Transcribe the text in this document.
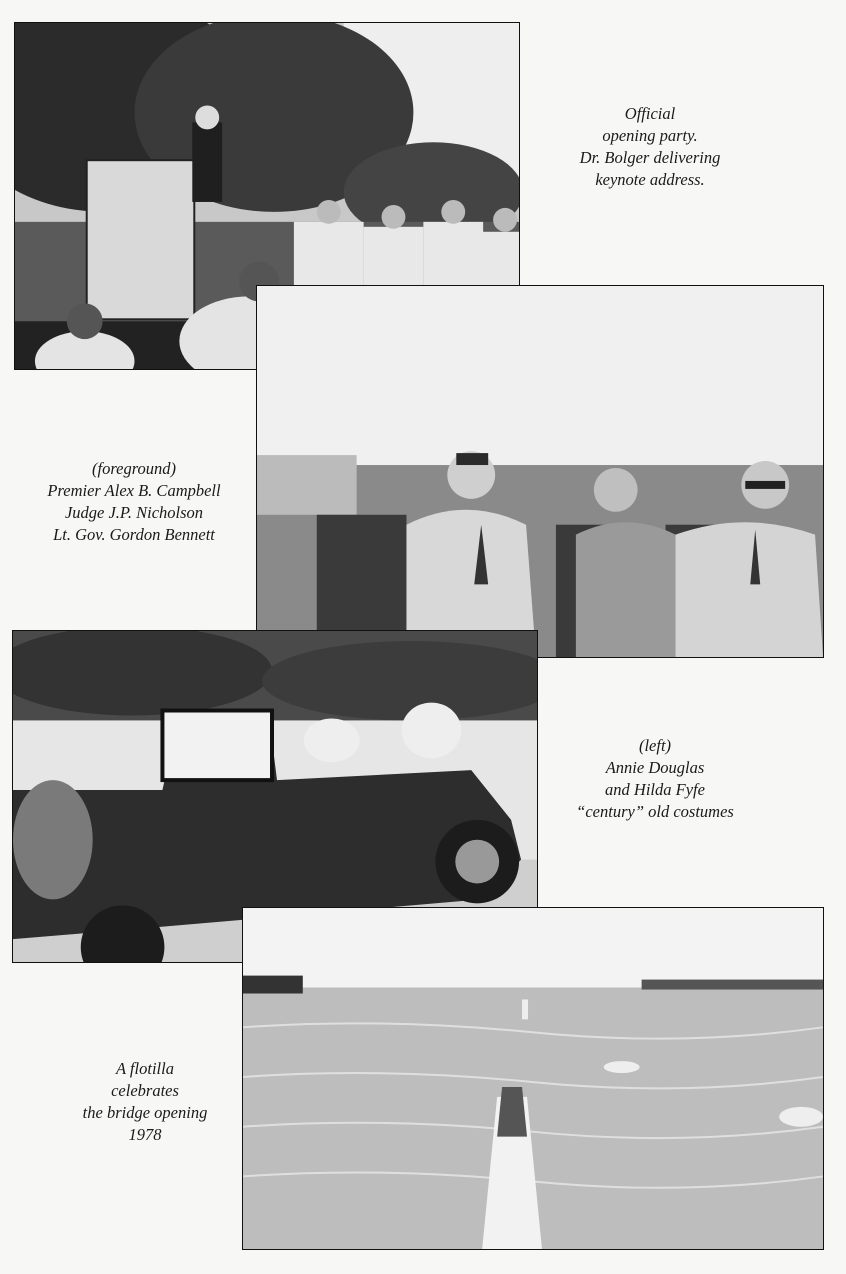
Official
opening party.
Dr. Bolger delivering
keynote address.
(foreground)
Premier Alex B. Campbell
Judge J.P. Nicholson
Lt. Gov. Gordon Bennett
(left)
Annie Douglas
and Hilda Fyfe
“century” old costumes
A flotilla
celebrates
the bridge opening
1978
